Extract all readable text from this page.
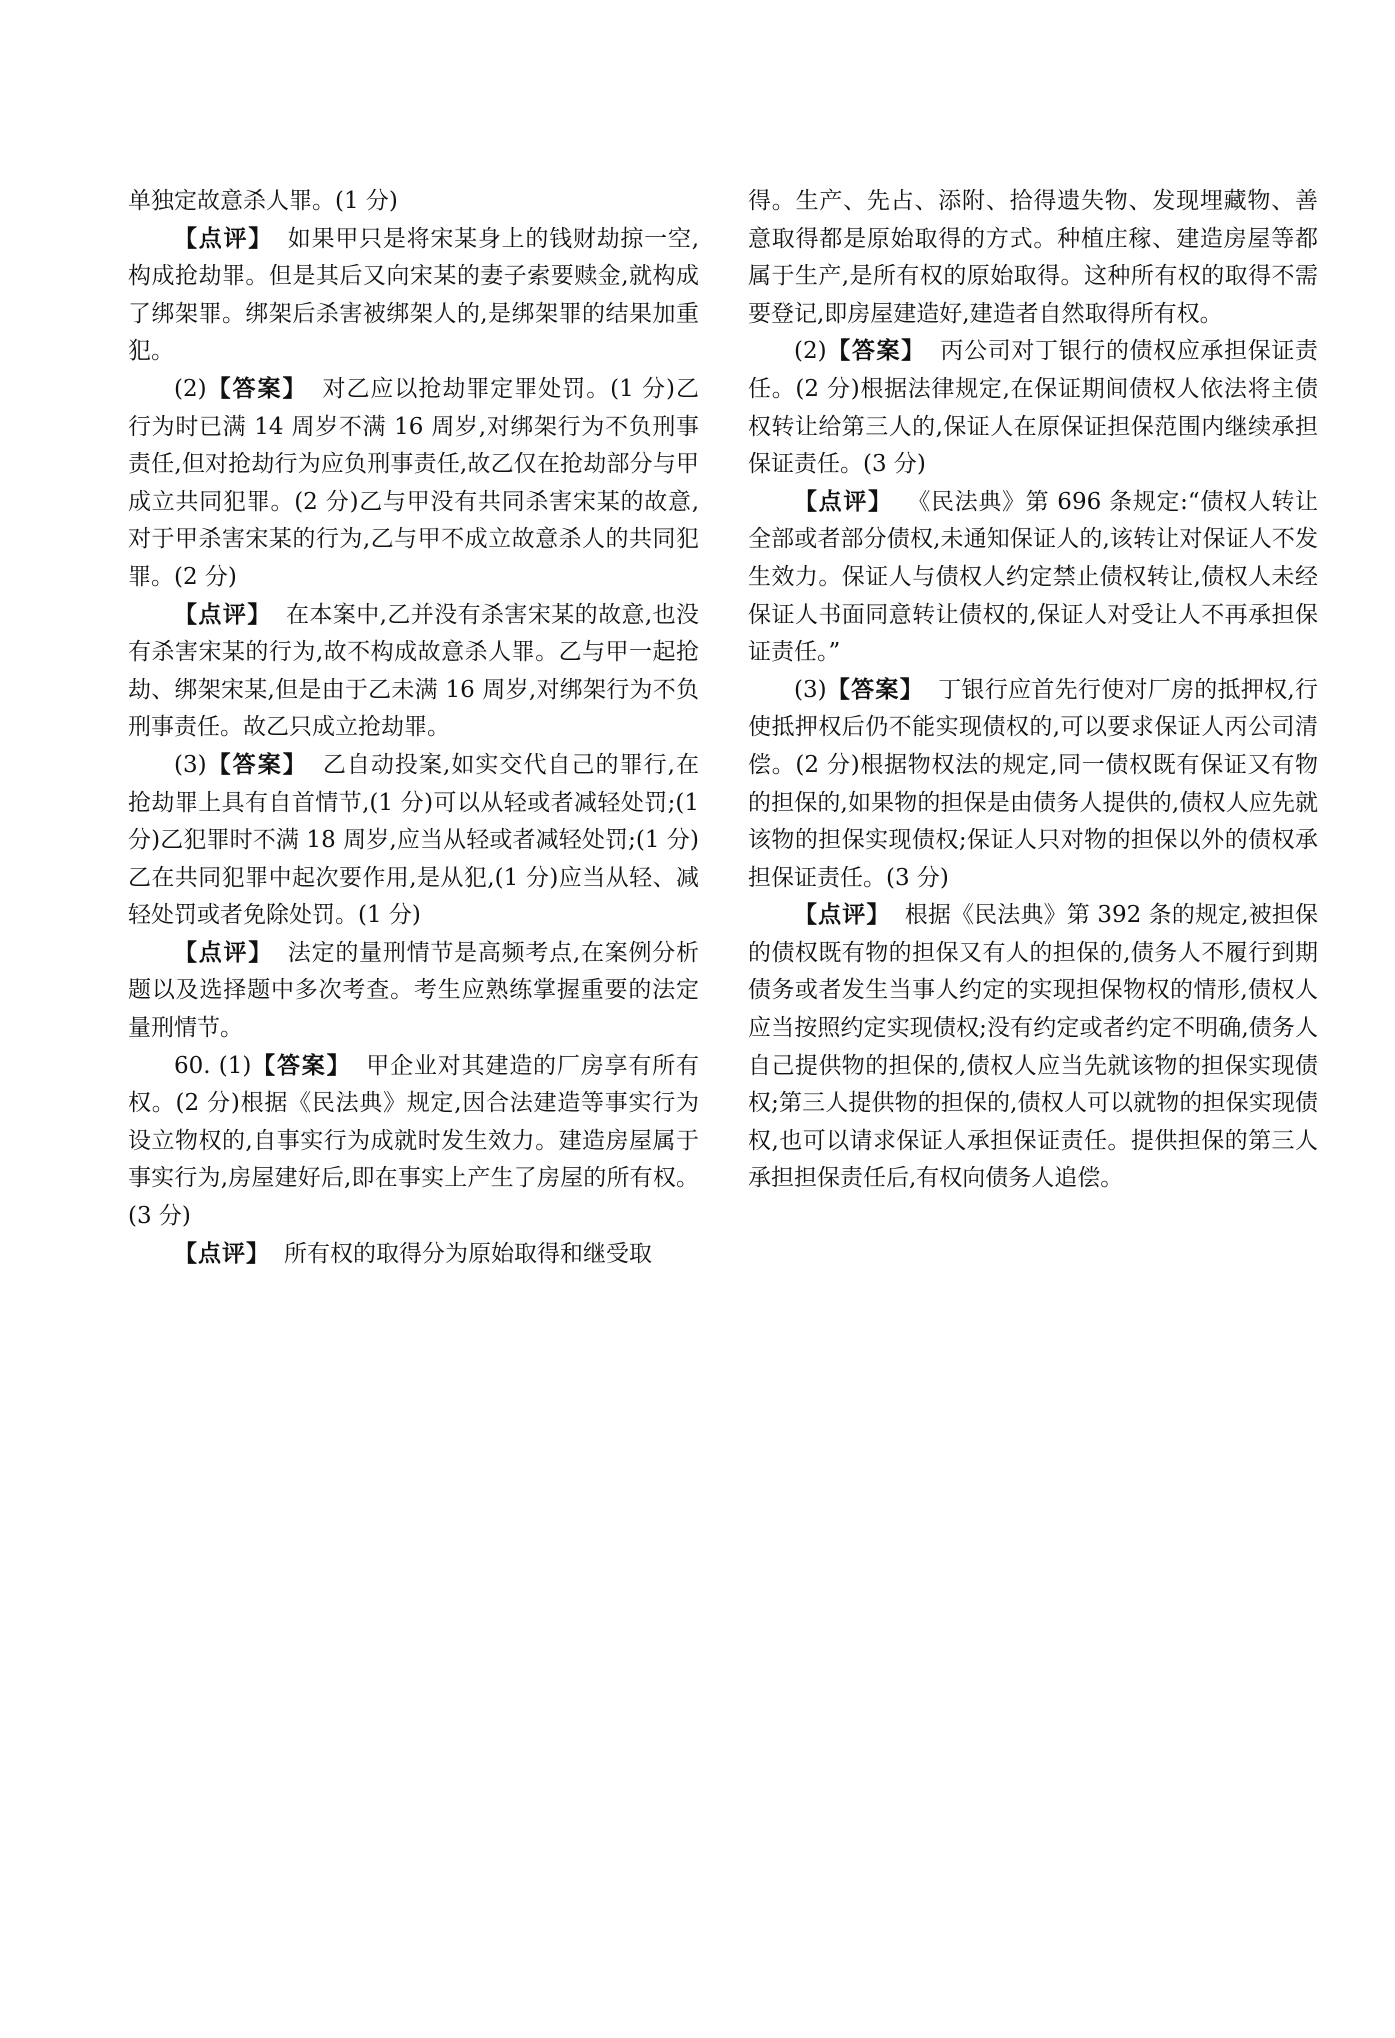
单独定故意杀人罪。(1 分)

【点评】 如果甲只是将宋某身上的钱财劫掠一空,构成抢劫罪。但是其后又向宋某的妻子索要赎金,就构成了绑架罪。绑架后杀害被绑架人的,是绑架罪的结果加重犯。

(2)【答案】 对乙应以抢劫罪定罪处罚。(1 分)乙行为时已满 14 周岁不满 16 周岁,对绑架行为不负刑事责任,但对抢劫行为应负刑事责任,故乙仅在抢劫部分与甲成立共同犯罪。(2 分)乙与甲没有共同杀害宋某的故意,对于甲杀害宋某的行为,乙与甲不成立故意杀人的共同犯罪。(2 分)

【点评】 在本案中,乙并没有杀害宋某的故意,也没有杀害宋某的行为,故不构成故意杀人罪。乙与甲一起抢劫、绑架宋某,但是由于乙未满 16 周岁,对绑架行为不负刑事责任。故乙只成立抢劫罪。

(3)【答案】 乙自动投案,如实交代自己的罪行,在抢劫罪上具有自首情节,(1 分)可以从轻或者减轻处罚;(1 分)乙犯罪时不满 18 周岁,应当从轻或者减轻处罚;(1 分)乙在共同犯罪中起次要作用,是从犯,(1 分)应当从轻、减轻处罚或者免除处罚。(1 分)

【点评】 法定的量刑情节是高频考点,在案例分析题以及选择题中多次考查。考生应熟练掌握重要的法定量刑情节。

60. (1)【答案】 甲企业对其建造的厂房享有所有权。(2 分)根据《民法典》规定,因合法建造等事实行为设立物权的,自事实行为成就时发生效力。建造房屋属于事实行为,房屋建好后,即在事实上产生了房屋的所有权。(3 分)

【点评】 所有权的取得分为原始取得和继受取

得。生产、先占、添附、拾得遗失物、发现埋藏物、善意取得都是原始取得的方式。种植庄稼、建造房屋等都属于生产,是所有权的原始取得。这种所有权的取得不需要登记,即房屋建造好,建造者自然取得所有权。

(2)【答案】 丙公司对丁银行的债权应承担保证责任。(2 分)根据法律规定,在保证期间债权人依法将主债权转让给第三人的,保证人在原保证担保范围内继续承担保证责任。(3 分)

【点评】 《民法典》第 696 条规定:“债权人转让全部或者部分债权,未通知保证人的,该转让对保证人不发生效力。保证人与债权人约定禁止债权转让,债权人未经保证人书面同意转让债权的,保证人对受让人不再承担保证责任。”

(3)【答案】 丁银行应首先行使对厂房的抵押权,行使抵押权后仍不能实现债权的,可以要求保证人丙公司清偿。(2 分)根据物权法的规定,同一债权既有保证又有物的担保的,如果物的担保是由债务人提供的,债权人应先就该物的担保实现债权;保证人只对物的担保以外的债权承担保证责任。(3 分)

【点评】 根据《民法典》第 392 条的规定,被担保的债权既有物的担保又有人的担保的,债务人不履行到期债务或者发生当事人约定的实现担保物权的情形,债权人应当按照约定实现债权;没有约定或者约定不明确,债务人自己提供物的担保的,债权人应当先就该物的担保实现债权;第三人提供物的担保的,债权人可以就物的担保实现债权,也可以请求保证人承担保证责任。提供担保的第三人承担担保责任后,有权向债务人追偿。
